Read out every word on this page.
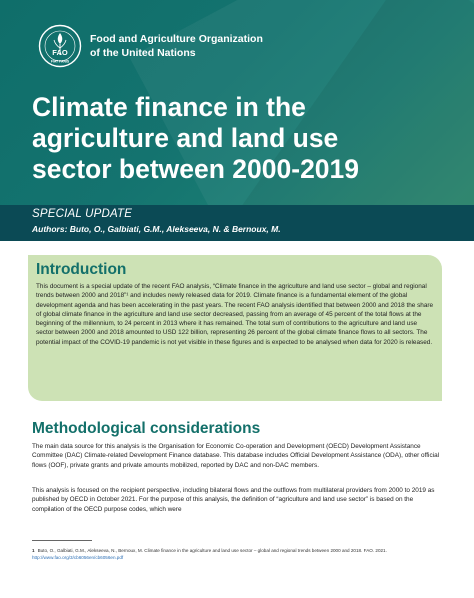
FAO
FIAT PANIS
Food and Agriculture Organization
of the United Nations
Climate finance in the
agriculture and land use
sector between 2000-2019
SPECIAL UPDATE
Authors: Buto, O., Galbiati, G.M., Alekseeva, N. & Bernoux, M.
Introduction

This document is a special update of the recent FAO analysis, “Climate finance in the agriculture and land use sector – global and regional trends between 2000 and 2018”¹ and includes newly released data for 2019. Climate finance is a fundamental element of the global development agenda and has been accelerating in the past years. The recent FAO analysis identified that between 2000 and 2018 the share of global climate finance in the agriculture and land use sector decreased, passing from an average of 45 percent of the total flows at the beginning of the millennium, to 24 percent in 2013 where it has remained. The total sum of contributions to the agriculture and land use sector between 2000 and 2018 amounted to USD 122 billion, representing 26 percent of the global climate finance flows to all sectors. The potential impact of the COVID-19 pandemic is not yet visible in these figures and is expected to be analysed when data for 2020 is released.

Methodological considerations

The main data source for this analysis is the Organisation for Economic Co-operation and Development (OECD) Development Assistance Committee (DAC) Climate-related Development Finance database. This database includes Official Development Assistance (ODA), other official flows (OOF), private grants and private amounts mobilized, reported by DAC and non-DAC members.

This analysis is focused on the recipient perspective, including bilateral flows and the outflows from multilateral providers from 2000 to 2019 as published by OECD in October 2021. For the purpose of this analysis, the definition of “agriculture and land use sector” is based on the compilation of the OECD purpose codes, which were

1 Buto, O., Galbiati, G.M., Alekseeva, N., Bernoux, M. Climate finance in the agriculture and land use sector – global and regional trends between 2000 and 2018. FAO. 2021. http://www.fao.org/3/cb6056en/cb6056en.pdf
